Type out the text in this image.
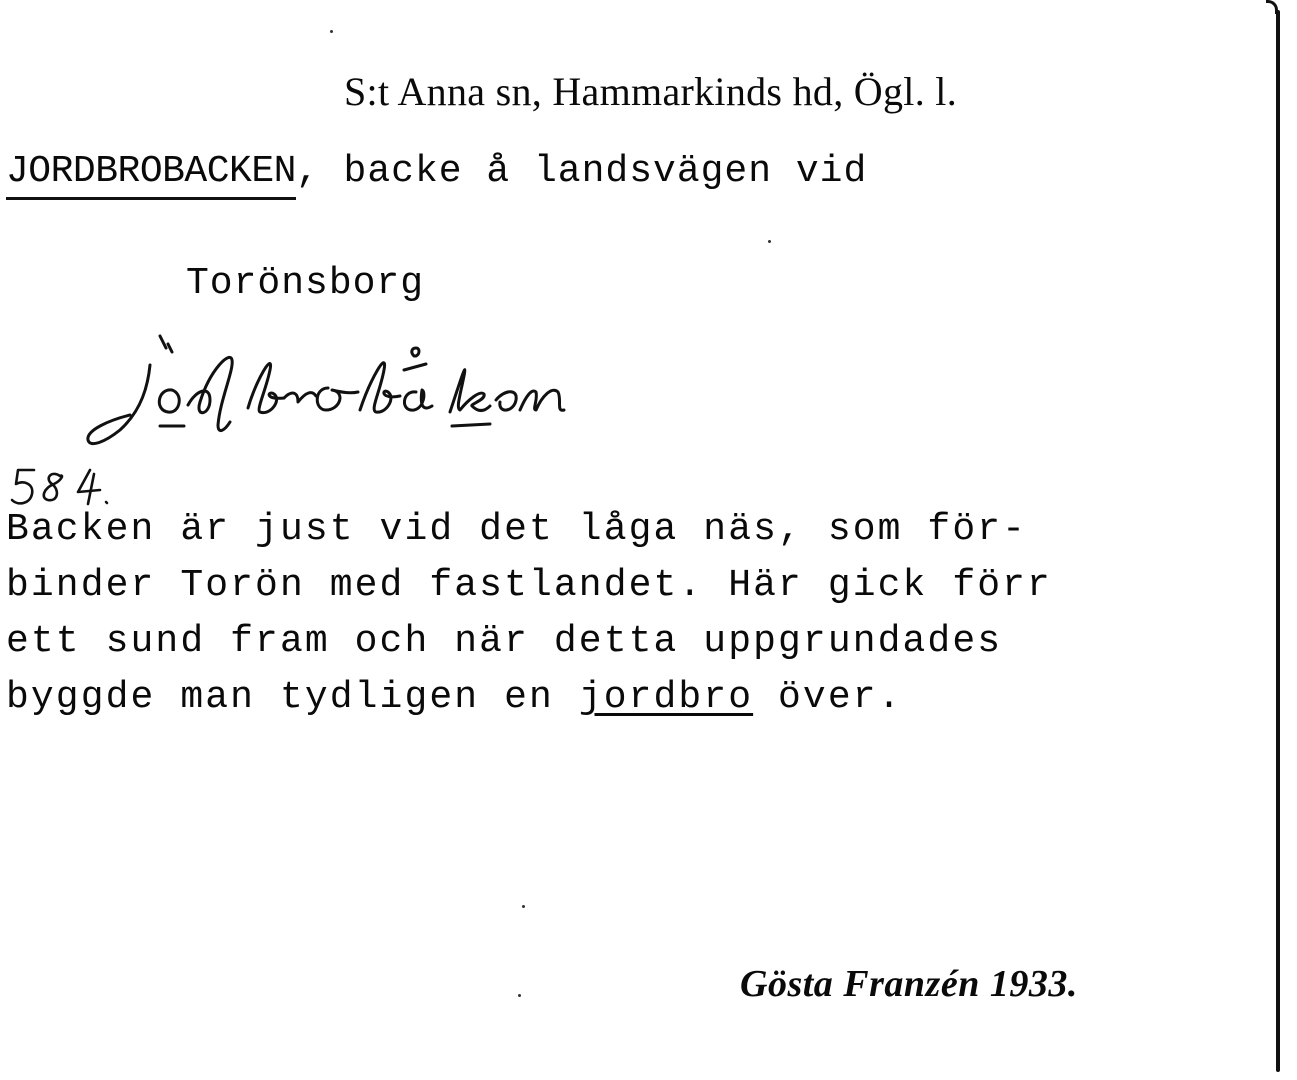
S:t Anna sn, Hammarkinds hd, Ögl. l.
JORDBROBACKEN, backe å landsvägen vid
Torönsborg
Backen är just vid det låga näs, som för-
binder Torön med fastlandet. Här gick förr
ett sund fram och när detta uppgrundades
byggde man tydligen en jordbro över.
Gösta Franzén 1933.
